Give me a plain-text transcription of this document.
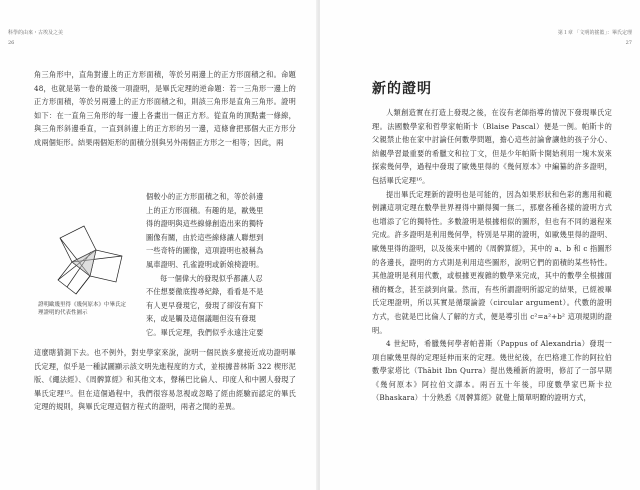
科學的由來・古埃及之美
26

角三角形中，直角對邊上的正方形面積，等於另兩邊上的正方形面積之和。命題 48，也就是第一卷的最後一項證明，是畢氏定理的逆命題：若一三角形一邊上的正方形面積，等於另兩邊上的正方形面積之和，則該三角形是直角三角形。證明如下：在一直角三角形的每一邊上各畫出一個正方形。從直角的頂點畫一條線，與三角形斜邊垂直，一直到斜邊上的正方形的另一邊，這條會把那個大正方形分成兩個矩形。結果兩個矩形的面積分別與另外兩個正方形之一相等；因此，兩

證明歐幾里得《幾何原本》中畢氏定理證明的代表性圖示

個較小的正方形面積之和，等於斜邊

上的正方形面積。有趣的是，歐幾里

得的證明與這些線條創造出來的獨特

圖像有關，由於這些線條讓人聯想到

一些奇特的圖像，這項證明也被稱為

風車證明、孔雀證明或新娘椅證明。

每一個偉大的發現似乎都讓人忍

不住想要徹底搜尋紀錄，看看是不是

有人更早發現它，發現了卻沒有寫下

來，或是觸及這個議題但沒有發現

它。畢氏定理，我們似乎永遠注定要

這麼瞎猜測下去。也不例外，對史學家來說，說明一個民族多麼接近成功證明畢氏定理，似乎是一種試圖顯示該文明先進程度的方式，並根據普林斯 322 楔形泥版、《繩法經》、《周髀算經》和其他文本，聲稱巴比倫人、印度人和中國人發現了畢氏定理¹⁵。但在這個過程中，我們很容易忽視或忽略了經由經驗而認定的畢氏定理的規則，與畢氏定理這個方程式的證明，兩者之間的差異。

第１章 「文明的搖籃」：畢氏定理
27
新的證明

人類創造實在打造上發現之後，在沒有老師指導的情況下發現畢氏定理。法國數學家和哲學家帕斯卡（Blaise Pascal）便是一例。帕斯卡的父親禁止他在家中討論任何數學問題，擔心這些討論會讓他的孩子分心、結覦學習最重要的希臘文和拉丁文，但是少年帕斯卡開始利用一塊木炭來探索幾何學，過程中發現了歐幾里得的《幾何原本》中編纂的許多證明，包括畢氏定理¹⁶。

提出畢氏定理新的證明也是可能的，因為如果形狀和色彩的應用和範例讓這項定理在數學世界裡得中顯得獨一無二，那麼各種各樣的證明方式也增添了它的獨特性。多數證明是根據相似的圖形，但也有不同的過程來完成。許多證明是利用幾何學，特別是早期的證明，如歐幾里得的證明、歐幾里得的證明，以及後來中國的《周髀算經》，其中的 a、b 和 c 指圖形的各邊長，證明的方式則是利用這些圖形，說明它們的面積的某些特性。其他證明是利用代數，或根據更複雜的數學來完成，其中的數學全根據面積的概念，甚至談到向量。然而，有些所謂證明所認定的結果，已經被畢氏定理證明，所以其實是循環論證（circular argument）。代數的證明方式，也就是巴比倫人了解的方式，便是導引出 c²=a²+b² 這項規則的證明。

4 世紀時，希臘幾何學者帕普斯（Pappus of Alexandria）發現一項自歐幾里得的定理延伸而來的定理。幾世紀後，在巴格達工作的阿拉伯數學家塔比（Thābit Ibn Qurra）提出幾種新的證明，修訂了一部早期《幾何原本》阿拉伯文譯本。兩百五十年後，印度數學家巴斯卡拉（Bhaskara）十分熟悉《周髀算經》就覺上簡單明瞭的證明方式，
